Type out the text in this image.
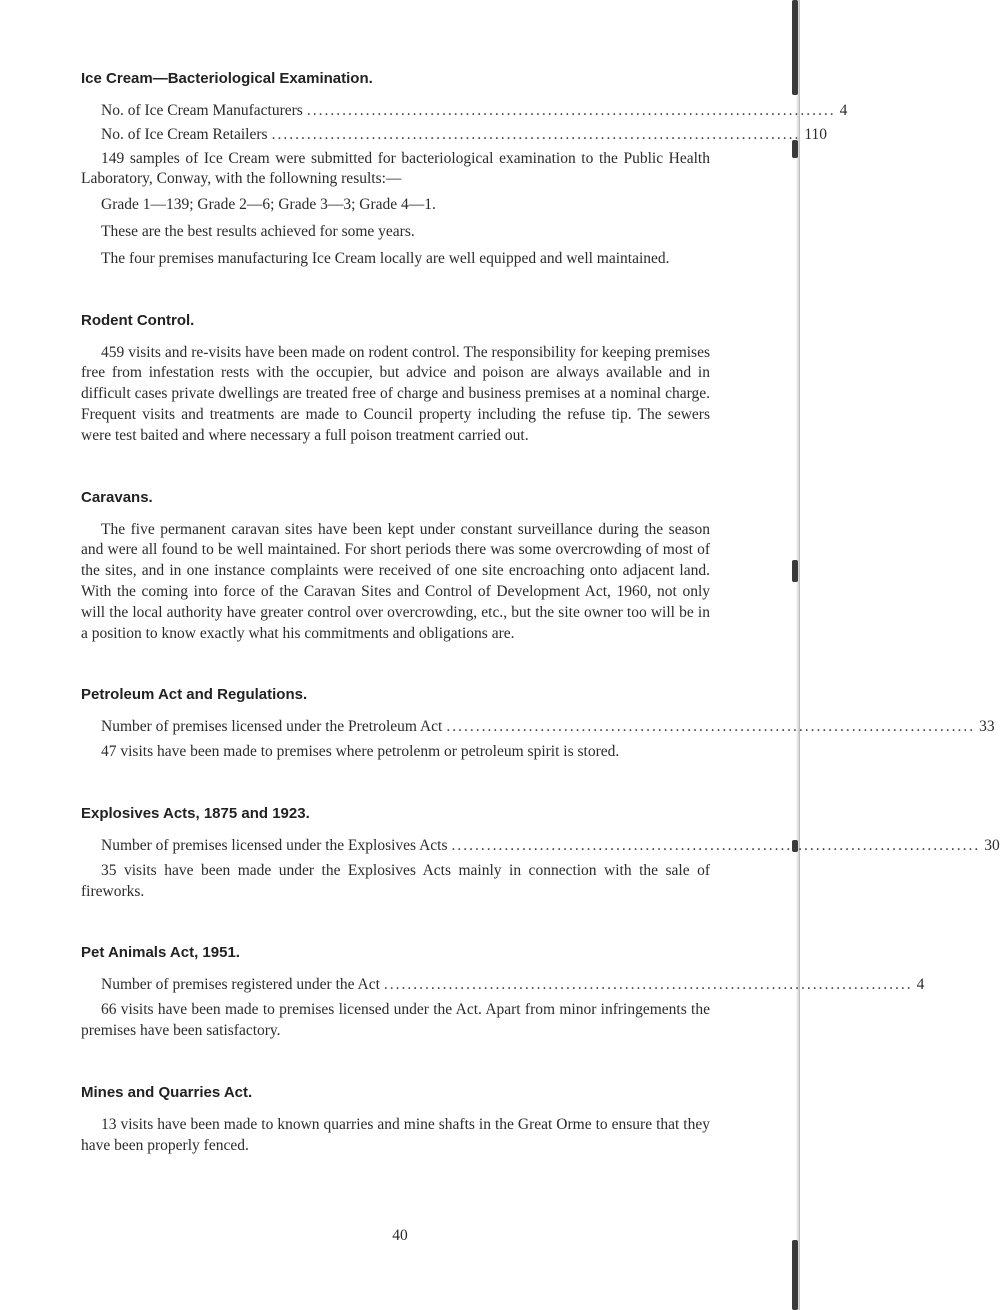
Ice Cream—Bacteriological Examination.
No. of Ice Cream Manufacturers .......................................................................................... 4
No. of Ice Cream Retailers .......................................................................................... 110

149 samples of Ice Cream were submitted for bacteriological examination to the Public Health Laboratory, Conway, with the followning results:—

Grade 1—139; Grade 2—6; Grade 3—3; Grade 4—1.

These are the best results achieved for some years.

The four premises manufacturing Ice Cream locally are well equipped and well maintained.

Rodent Control.

459 visits and re-visits have been made on rodent control. The responsibility for keeping premises free from infestation rests with the occupier, but advice and poison are always available and in difficult cases private dwellings are treated free of charge and business premises at a nominal charge. Frequent visits and treatments are made to Council property including the refuse tip. The sewers were test baited and where necessary a full poison treatment carried out.

Caravans.

The five permanent caravan sites have been kept under constant surveillance during the season and were all found to be well maintained. For short periods there was some overcrowding of most of the sites, and in one instance complaints were received of one site encroaching onto adjacent land. With the coming into force of the Caravan Sites and Control of Development Act, 1960, not only will the local authority have greater control over overcrowding, etc., but the site owner too will be in a position to know exactly what his commitments and obligations are.

Petroleum Act and Regulations.
Number of premises licensed under the Pretroleum Act .......................................................................................... 33

47 visits have been made to premises where petrolenm or petroleum spirit is stored.

Explosives Acts, 1875 and 1923.
Number of premises licensed under the Explosives Acts .......................................................................................... 30

35 visits have been made under the Explosives Acts mainly in connection with the sale of fireworks.

Pet Animals Act, 1951.
Number of premises registered under the Act .......................................................................................... 4

66 visits have been made to premises licensed under the Act. Apart from minor infringements the premises have been satisfactory.

Mines and Quarries Act.

13 visits have been made to known quarries and mine shafts in the Great Orme to ensure that they have been properly fenced.

40
